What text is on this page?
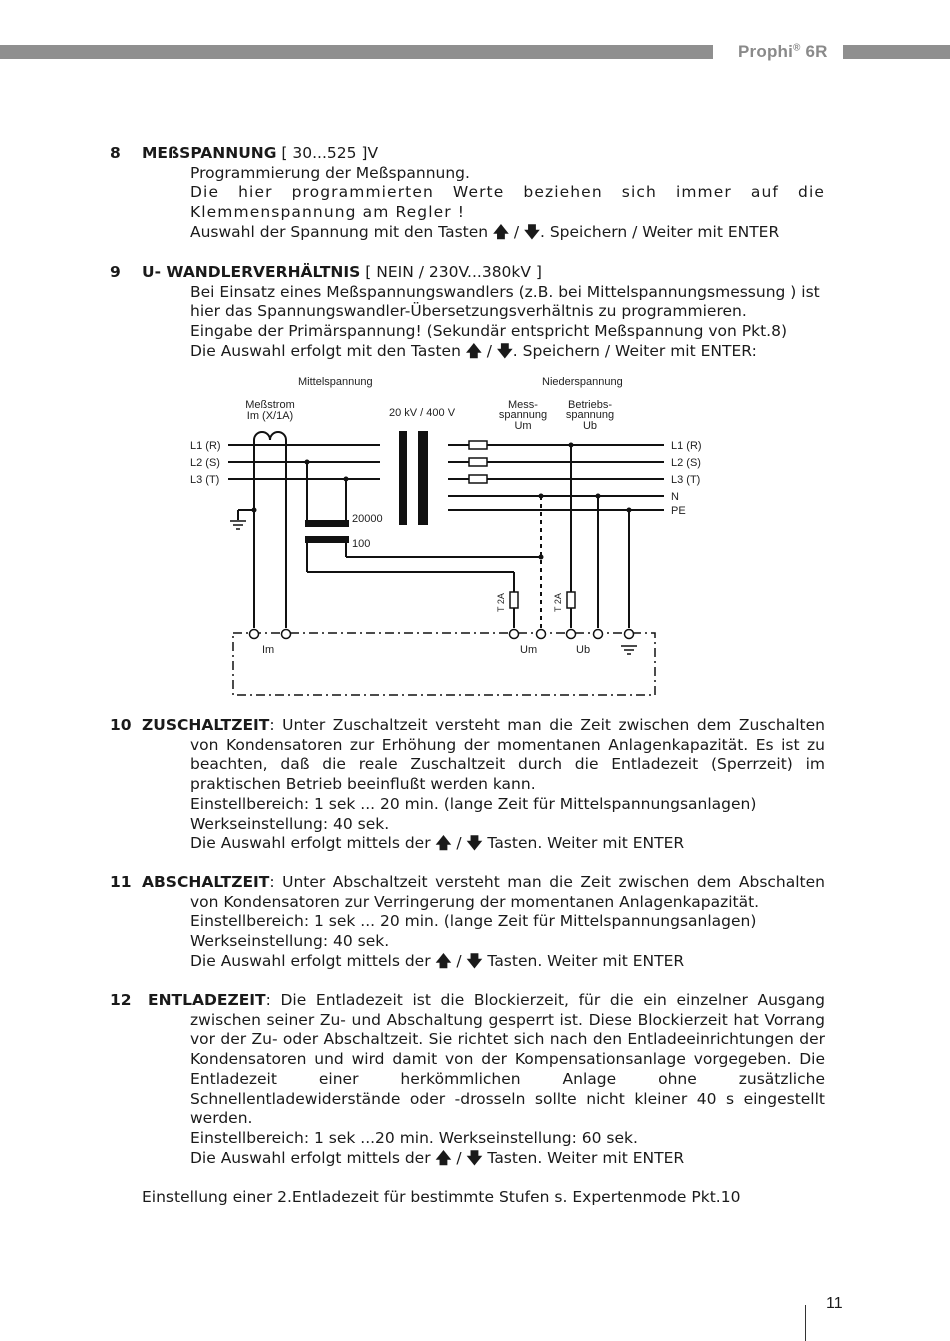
Prophi® 6R
8	MEßSPANNUNG [ 30...525 ]V
Programmierung der Meßspannung.
Die hier programmierten Werte beziehen sich immer auf die Klemmenspannung am Regler !
Auswahl der Spannung mit den Tasten 🡅 / 🡇. Speichern / Weiter mit ENTER
9	U- WANDLERVERHÄLTNIS [ NEIN / 230V...380kV ]
Bei Einsatz eines Meßspannungswandlers (z.B. bei Mittelspannungsmessung ) ist hier das Spannungswandler-Übersetzungsverhältnis zu programmieren.
Eingabe der Primärspannung! (Sekundär entspricht Meßspannung von Pkt.8)
Die Auswahl erfolgt mit den Tasten 🡅 / 🡇. Speichern / Weiter mit ENTER:
Mittelspannung	Niederspannung
Meßstrom
Im (X/1A)	20 kV / 400 V
Mess-
spannung
Um
Betriebs-
spannung
Ub
L1 (R)
L2 (S)
L3 (T)
L1 (R)
L2 (S)
L3 (T)
N
PE
20000
100
Im	Um	Ub
T 2A	T 2A
10 ZUSCHALTZEIT: Unter Zuschaltzeit versteht man die Zeit zwischen dem Zuschalten von Kondensatoren zur Erhöhung der momentanen Anlagenkapazität. Es ist zu beachten, daß die reale Zuschaltzeit durch die Entladezeit (Sperrzeit) im praktischen Betrieb beeinflußt werden kann.
Einstellbereich: 1 sek ... 20 min. (lange Zeit für Mittelspannungsanlagen)
Werkseinstellung: 40 sek.
Die Auswahl erfolgt mittels der 🡅 / 🡇 Tasten. Weiter mit ENTER
11 ABSCHALTZEIT: Unter Abschaltzeit versteht man die Zeit zwischen dem Abschalten von Kondensatoren zur Verringerung der momentanen Anlagenkapazität.
Einstellbereich: 1 sek ... 20 min. (lange Zeit für Mittelspannungsanlagen)
Werkseinstellung: 40 sek.
Die Auswahl erfolgt mittels der 🡅 / 🡇 Tasten. Weiter mit ENTER
12 ENTLADEZEIT: Die Entladezeit ist die Blockierzeit, für die ein einzelner Ausgang zwischen seiner Zu- und Abschaltung gesperrt ist. Diese Blockierzeit hat Vorrang vor der Zu- oder Abschaltzeit. Sie richtet sich nach den Entladeeinrichtungen der Kondensatoren und wird damit von der Kompensationsanlage vorgegeben. Die Entladezeit einer herkömmlichen Anlage ohne zusätzliche Schnellentladewiderstände oder -drosseln sollte nicht kleiner 40 s eingestellt werden.
Einstellbereich: 1 sek ...20 min. Werkseinstellung: 60 sek.
Die Auswahl erfolgt mittels der 🡅 / 🡇 Tasten. Weiter mit ENTER
Einstellung einer 2.Entladezeit für bestimmte Stufen s. Expertenmode Pkt.10
11
